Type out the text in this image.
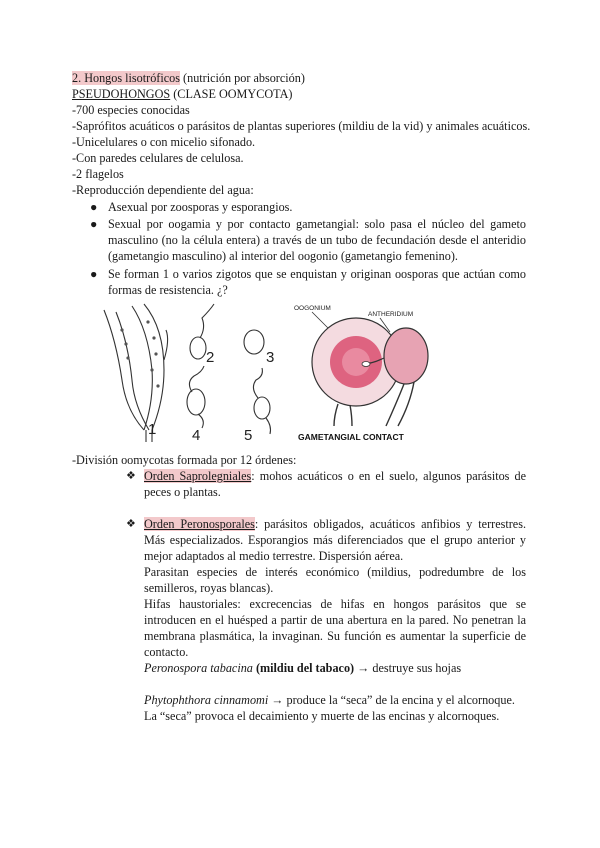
2. Hongos lisotróficos (nutrición por absorción)
PSEUDOHONGOS (CLASE OOMYCOTA)
-700 especies conocidas
-Saprófitos acuáticos o parásitos de plantas superiores (mildiu de la vid) y animales acuáticos.
-Unicelulares o con micelio sifonado.
-Con paredes celulares de celulosa.
-2 flagelos
-Reproducción dependiente del agua:
● Asexual por zoosporas y esporangios.
● Sexual por oogamia y por contacto gametangial: solo pasa el núcleo del gameto masculino (no la célula entera) a través de un tubo de fecundación desde el anteridio (gametangio masculino) al interior del oogonio (gametangio femenino).
● Se forman 1 o varios zigotos que se enquistan y originan oosporas que actúan como formas de resistencia. ¿?
1
2	3
4	5
OOGONIUM
ANTHERIDIUM
GAMETANGIAL CONTACT
-División oomycotas formada por 12 órdenes:
❖ Orden Saprolegniales: mohos acuáticos o en el suelo, algunos parásitos de peces o plantas.
❖ Orden Peronosporales: parásitos obligados, acuáticos anfibios y terrestres. Más especializados. Esporangios más diferenciados que el grupo anterior y mejor adaptados al medio terrestre. Dispersión aérea.
Parasitan especies de interés económico (mildius, podredumbre de los semilleros, royas blancas).
Hifas haustoriales: excrecencias de hifas en hongos parásitos que se introducen en el huésped a partir de una abertura en la pared. No penetran la membrana plasmática, la invaginan. Su función es aumentar la superficie de contacto.
Peronospora tabacina (mildiu del tabaco) → destruye sus hojas
Phytophthora cinnamomi → produce la “seca” de la encina y el alcornoque.
La “seca” provoca el decaimiento y muerte de las encinas y alcornoques.
